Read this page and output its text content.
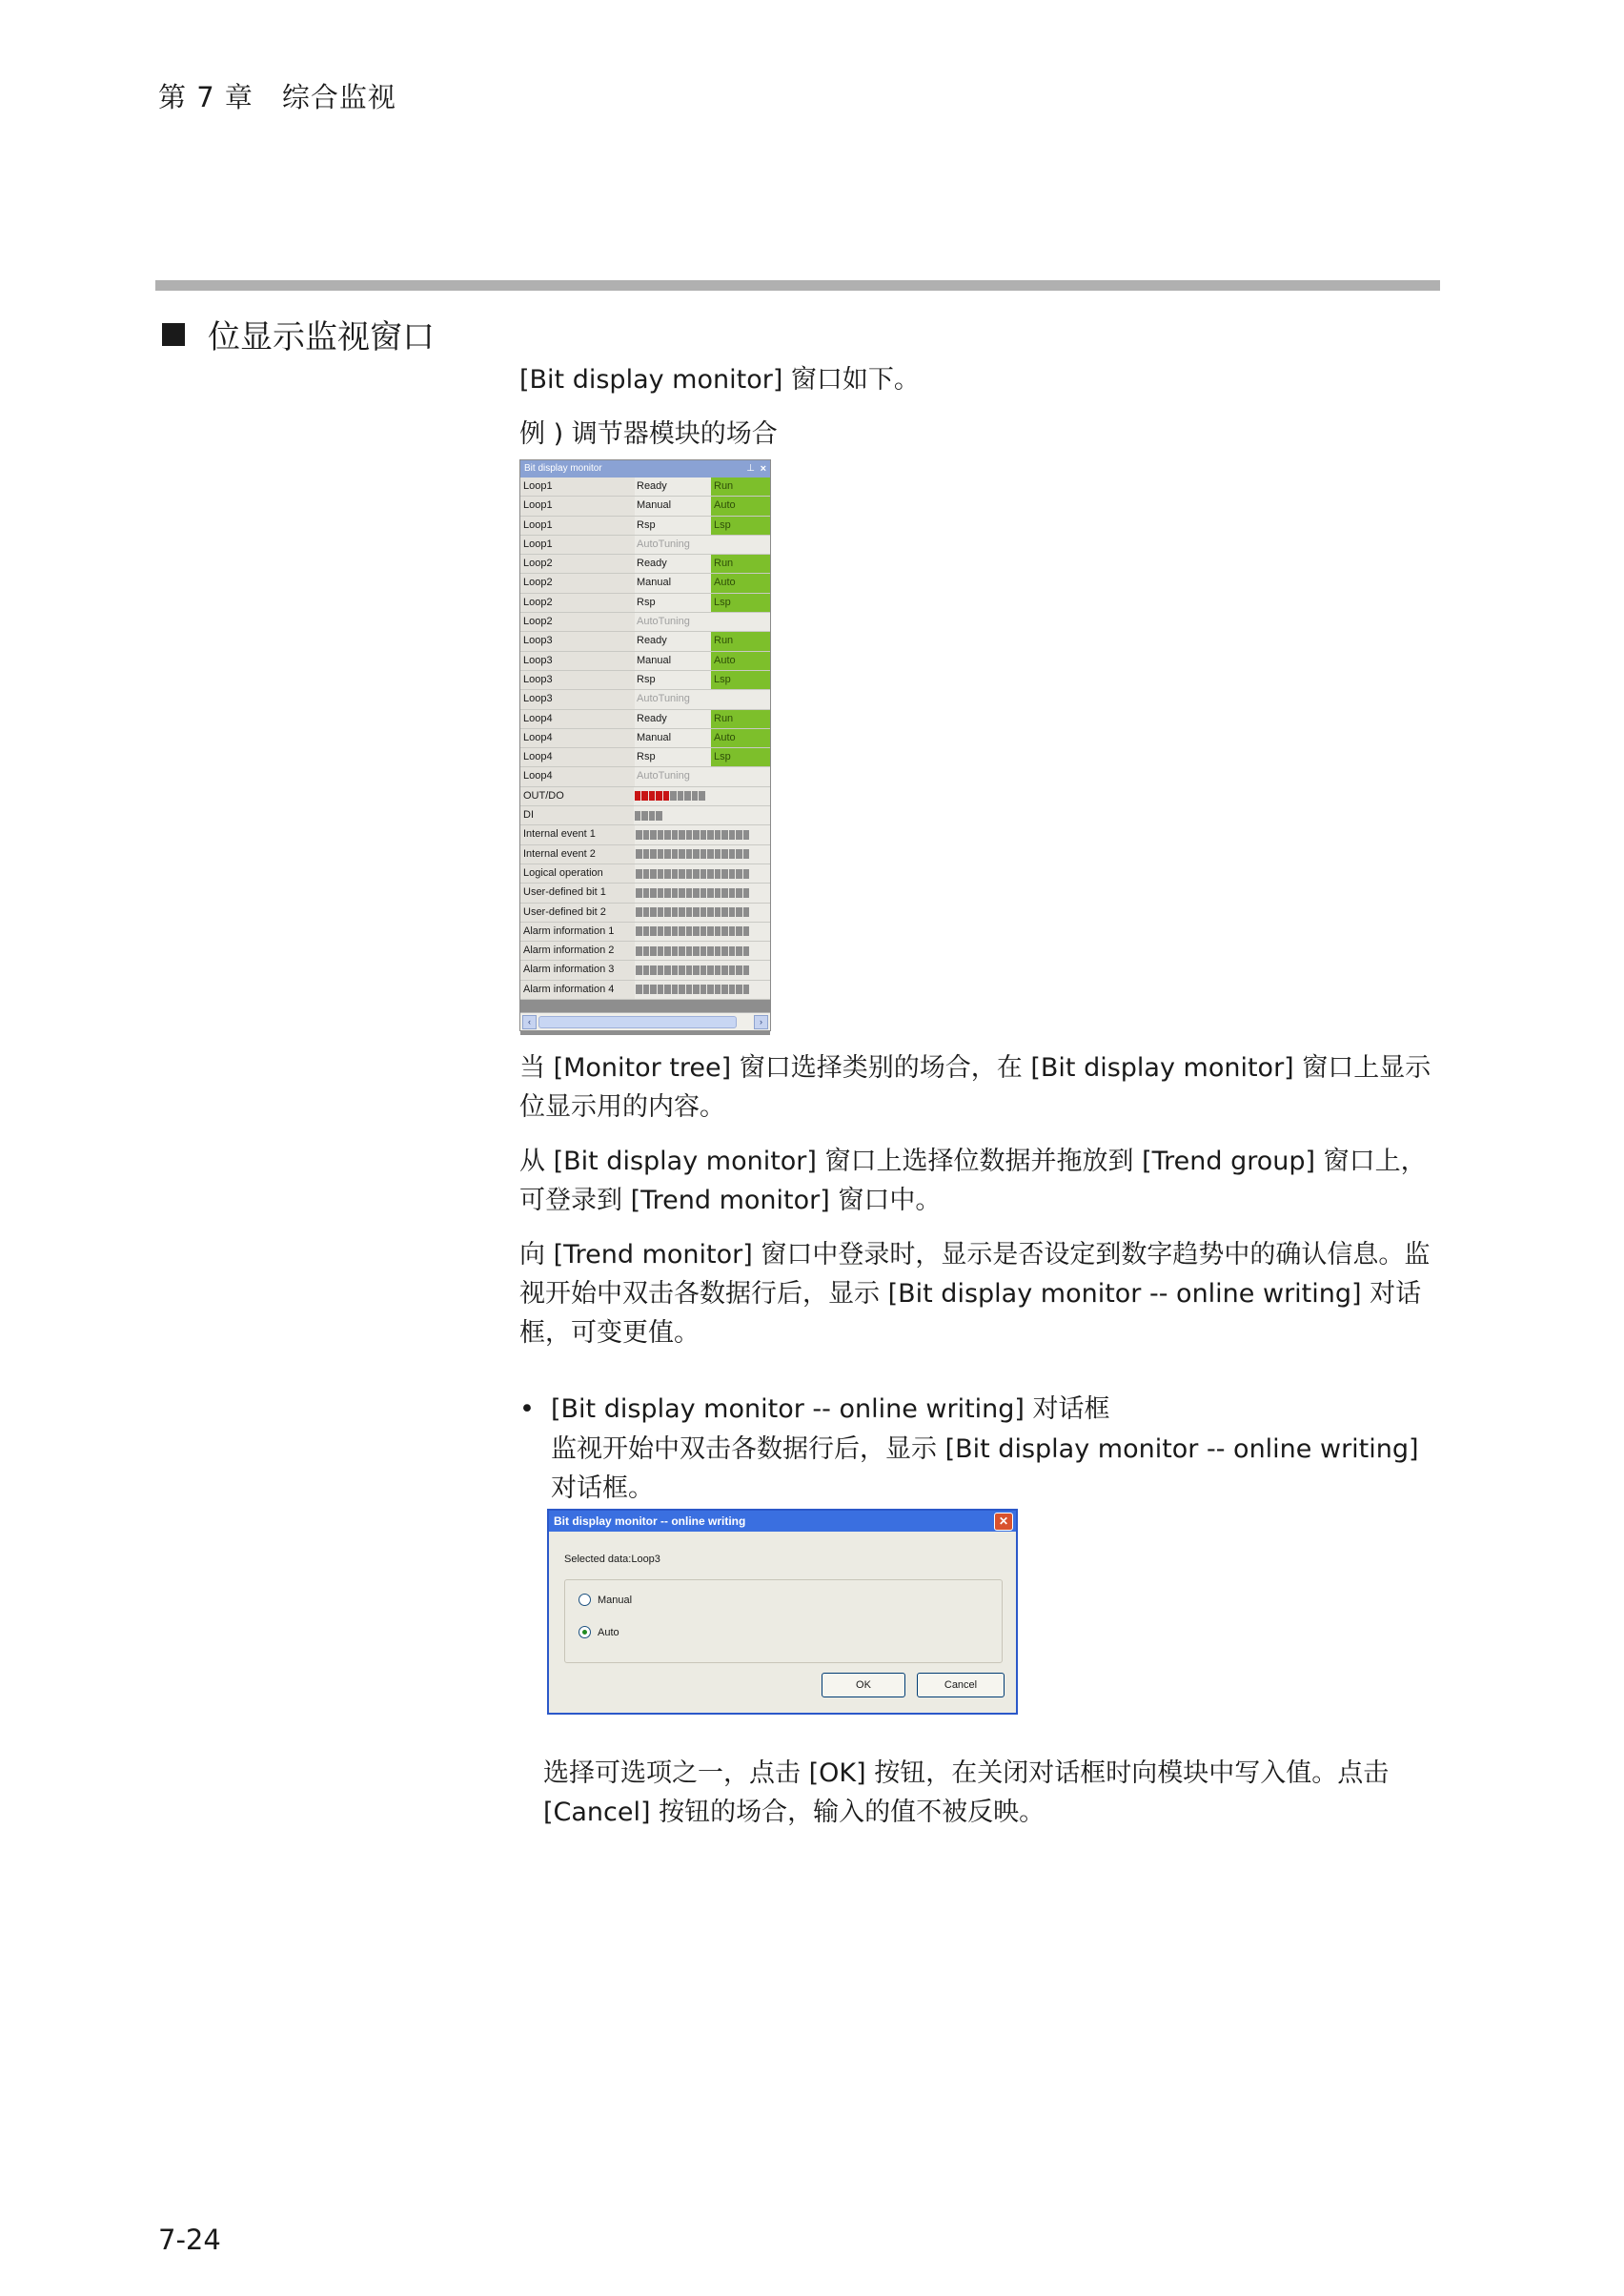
第 7 章　综合监视
位显示监视窗口
[Bit display monitor] 窗口如下。
例 ) 调节器模块的场合
Bit display monitor	⊥ ×
Loop1	Ready	Run
Loop1	Manual	Auto
Loop1	Rsp	Lsp
Loop1	AutoTuning
Loop2	Ready	Run
Loop2	Manual	Auto
Loop2	Rsp	Lsp
Loop2	AutoTuning
Loop3	Ready	Run
Loop3	Manual	Auto
Loop3	Rsp	Lsp
Loop3	AutoTuning
Loop4	Ready	Run
Loop4	Manual	Auto
Loop4	Rsp	Lsp
Loop4	AutoTuning
OUT/DO
DI
Internal event 1
Internal event 2
Logical operation
User-defined bit 1
User-defined bit 2
Alarm information 1
Alarm information 2
Alarm information 3
Alarm information 4
‹	›
当 [Monitor tree] 窗口选择类别的场合，在 [Bit display monitor] 窗口上显示位显示用的内容。
从 [Bit display monitor] 窗口上选择位数据并拖放到 [Trend group] 窗口上，可登录到 [Trend monitor] 窗口中。
向 [Trend monitor] 窗口中登录时，显示是否设定到数字趋势中的确认信息。监视开始中双击各数据行后，显示 [Bit display monitor -- online writing] 对话框，可变更值。
• [Bit display monitor -- online writing] 对话框
监视开始中双击各数据行后，显示 [Bit display monitor -- online writing] 对话框。
Bit display monitor -- online writing	✕
Selected data:Loop3
Manual
Auto
OK	Cancel
选择可选项之一，点击 [OK] 按钮，在关闭对话框时向模块中写入值。点击 [Cancel] 按钮的场合，输入的值不被反映。
7-24
